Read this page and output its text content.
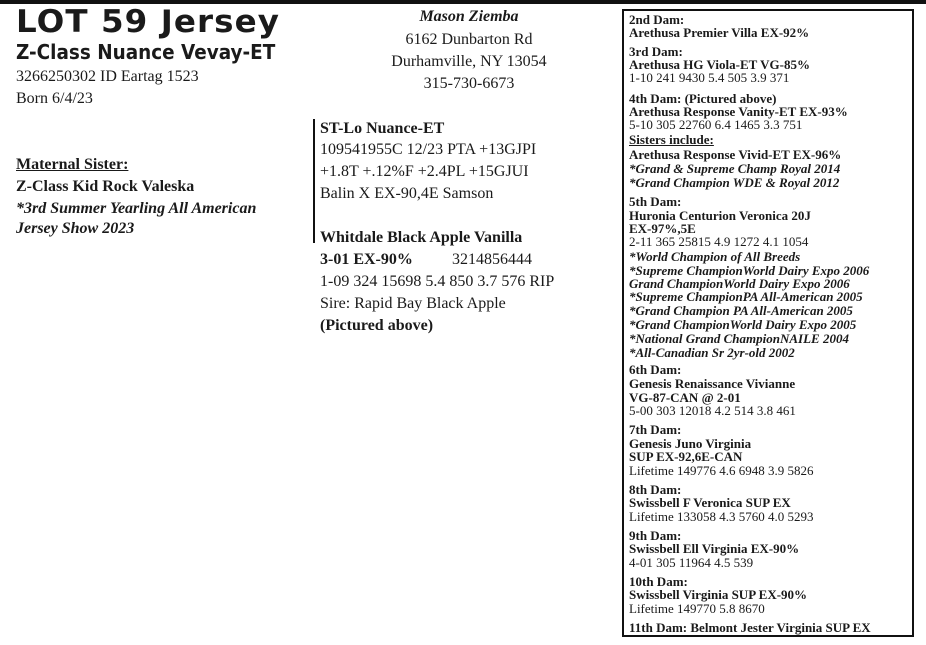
LOT 59 Jersey
Z-Class Nuance Vevay-ET
3266250302 ID Eartag 1523
Born 6/4/23
Maternal Sister:
Z-Class Kid Rock Valeska
*3rd Summer Yearling All American
Jersey Show 2023
Mason Ziemba
6162 Dunbarton Rd
Durhamville, NY 13054
315-730-6673
ST-Lo Nuance-ET
109541955C 12/23 PTA +13GJPI
+1.8T +.12%F +2.4PL +15GJUI
Balin X EX-90,4E Samson
Whitdale Black Apple Vanilla
3-01 EX-90% 3214856444
1-09 324 15698 5.4 850 3.7 576 RIP
Sire: Rapid Bay Black Apple
(Pictured above)
2nd Dam:
Arethusa Premier Villa EX-92%
3rd Dam:
Arethusa HG Viola-ET VG-85%
1-10 241 9430 5.4 505 3.9 371
4th Dam: (Pictured above)
Arethusa Response Vanity-ET EX-93%
5-10 305 22760 6.4 1465 3.3 751
Sisters include:
Arethusa Response Vivid-ET EX-96%
*Grand & Supreme Champ Royal 2014
*Grand Champion WDE & Royal 2012
5th Dam:
Huronia Centurion Veronica 20J
EX-97%,5E
2-11 365 25815 4.9 1272 4.1 1054
*World Champion of All Breeds
*Supreme ChampionWorld Dairy Expo 2006
Grand ChampionWorld Dairy Expo 2006
*Supreme ChampionPA All-American 2005
*Grand Champion PA All-American 2005
*Grand ChampionWorld Dairy Expo 2005
*National Grand ChampionNAILE 2004
*All-Canadian Sr 2yr-old 2002
6th Dam:
Genesis Renaissance Vivianne
VG-87-CAN @ 2-01
5-00 303 12018 4.2 514 3.8 461
7th Dam:
Genesis Juno Virginia
SUP EX-92,6E-CAN
Lifetime 149776 4.6 6948 3.9 5826
8th Dam:
Swissbell F Veronica SUP EX
Lifetime 133058 4.3 5760 4.0 5293
9th Dam:
Swissbell Ell Virginia EX-90%
4-01 305 11964 4.5 539
10th Dam:
Swissbell Virginia SUP EX-90%
Lifetime 149770 5.8 8670
11th Dam: Belmont Jester Virginia SUP EX
